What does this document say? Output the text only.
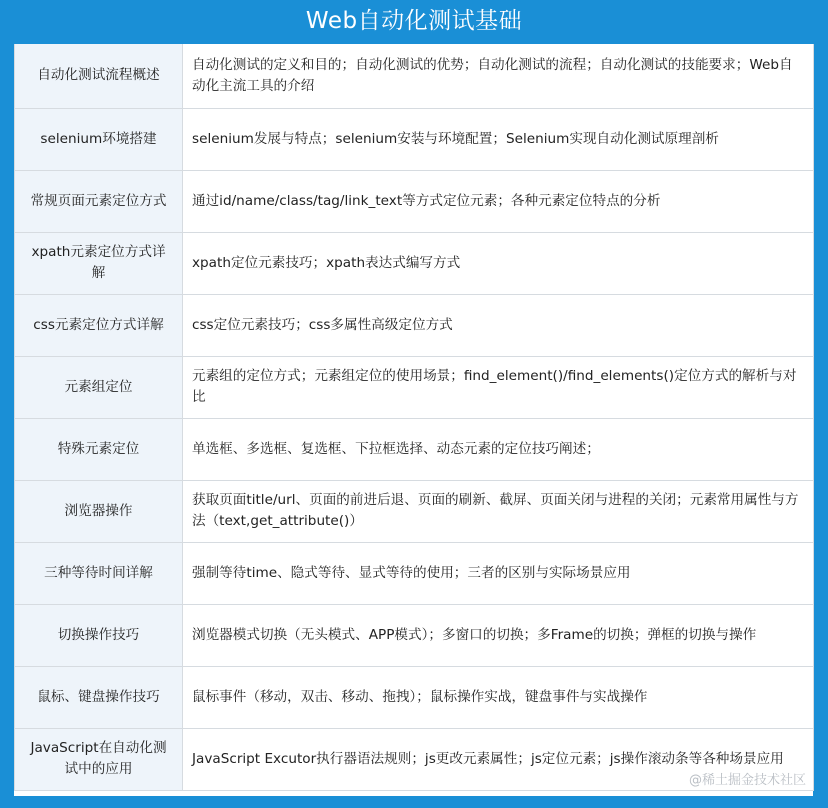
Web自动化测试基础
自动化测试流程概述	自动化测试的定义和目的；自动化测试的优势；自动化测试的流程；自动化测试的技能要求；Web自动化主流工具的介绍
selenium环境搭建	selenium发展与特点；selenium安装与环境配置；Selenium实现自动化测试原理剖析
常规页面元素定位方式	通过id/name/class/tag/link_text等方式定位元素；各种元素定位特点的分析
xpath元素定位方式详解	xpath定位元素技巧；xpath表达式编写方式
css元素定位方式详解	css定位元素技巧；css多属性高级定位方式
元素组定位	元素组的定位方式；元素组定位的使用场景；find_element()/find_elements()定位方式的解析与对比
特殊元素定位	单选框、多选框、复选框、下拉框选择、动态元素的定位技巧阐述；
浏览器操作	获取页面title/url、页面的前进后退、页面的刷新、截屏、页面关闭与进程的关闭；元素常用属性与方法（text,get_attribute()）
三种等待时间详解	强制等待time、隐式等待、显式等待的使用；三者的区别与实际场景应用
切换操作技巧	浏览器模式切换（无头模式、APP模式）；多窗口的切换；多Frame的切换；弹框的切换与操作
鼠标、键盘操作技巧	鼠标事件（移动，双击、移动、拖拽）；鼠标操作实战，键盘事件与实战操作
JavaScript在自动化测试中的应用	JavaScript Excutor执行器语法规则；js更改元素属性；js定位元素；js操作滚动条等各种场景应用
@稀土掘金技术社区
